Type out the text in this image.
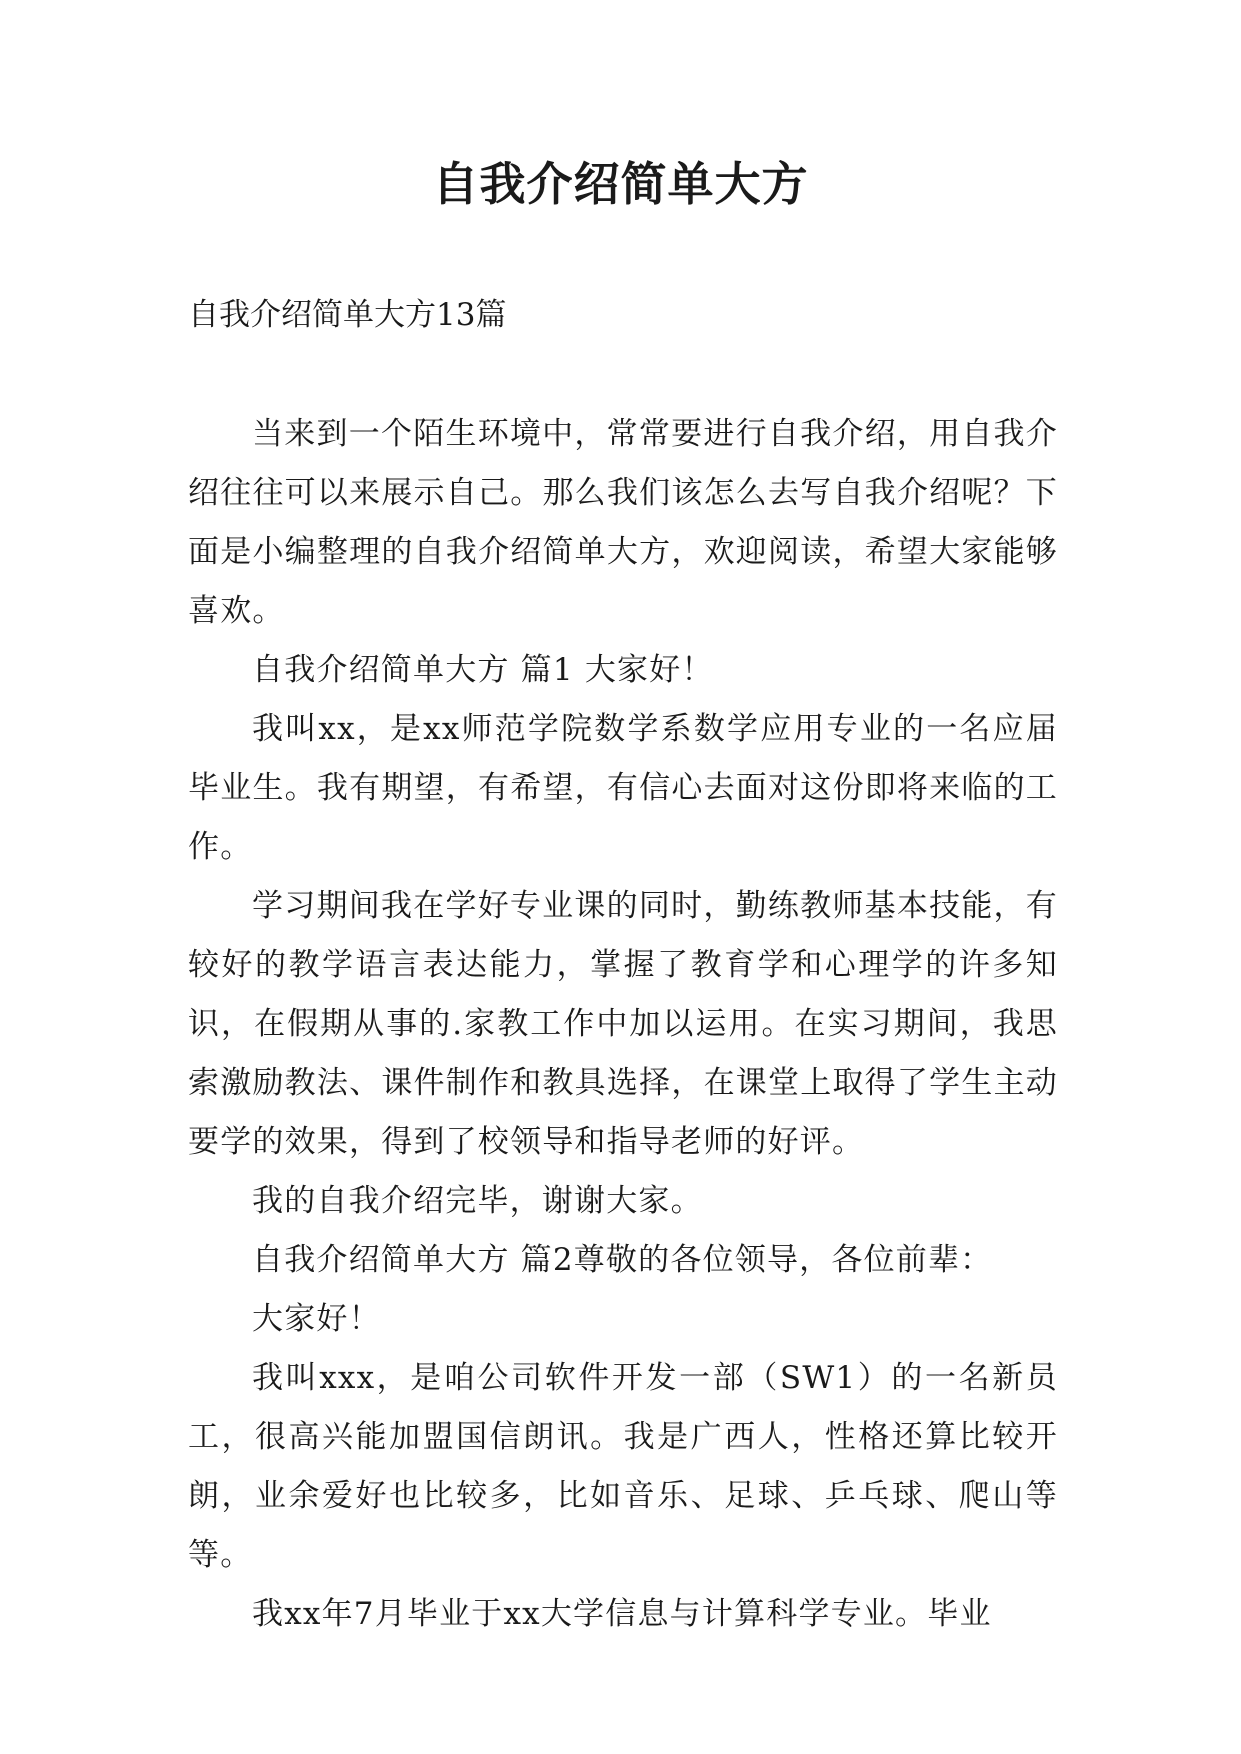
自我介绍简单大方
自我介绍简单大方13篇

当来到一个陌生环境中，常常要进行自我介绍，用自我介绍往往可以来展示自己。那么我们该怎么去写自我介绍呢？下面是小编整理的自我介绍简单大方，欢迎阅读，希望大家能够喜欢。

自我介绍简单大方 篇1 大家好！

我叫xx，是xx师范学院数学系数学应用专业的一名应届毕业生。我有期望，有希望，有信心去面对这份即将来临的工作。

学习期间我在学好专业课的同时，勤练教师基本技能，有较好的教学语言表达能力，掌握了教育学和心理学的许多知识，在假期从事的.家教工作中加以运用。在实习期间，我思索激励教法、课件制作和教具选择，在课堂上取得了学生主动要学的效果，得到了校领导和指导老师的好评。

我的自我介绍完毕，谢谢大家。

自我介绍简单大方 篇2尊敬的各位领导，各位前辈：

大家好！

我叫xxx，是咱公司软件开发一部（SW1）的一名新员工，很高兴能加盟国信朗讯。我是广西人，性格还算比较开朗，业余爱好也比较多，比如音乐、足球、乒乓球、爬山等等。

我xx年7月毕业于xx大学信息与计算科学专业。毕业
